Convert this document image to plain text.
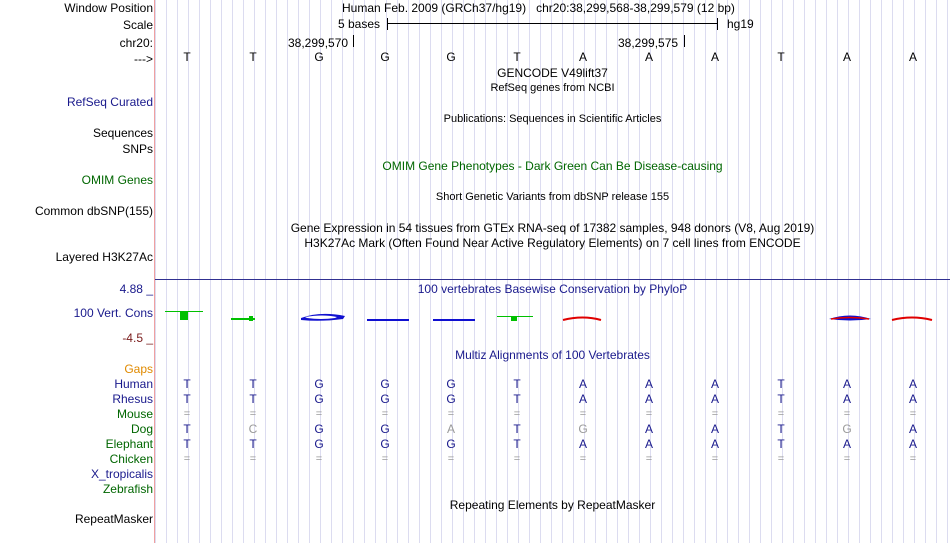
Window Position	Human Feb. 2009 (GRCh37/hg19)   chr20:38,299,568-38,299,579 (12 bp)
Scale	5 bases	hg19
chr20:	38,299,570	38,299,575
--->	T	T	G	G	G	T	A	A	A	T	A	A
GENCODE V49lift37
RefSeq genes from NCBI
RefSeq Curated
Publications: Sequences in Scientific Articles
Sequences
SNPs
OMIM Gene Phenotypes - Dark Green Can Be Disease-causing
OMIM Genes
Short Genetic Variants from dbSNP release 155
Common dbSNP(155)
Gene Expression in 54 tissues from GTEx RNA-seq of 17382 samples, 948 donors (V8, Aug 2019)
H3K27Ac Mark (Often Found Near Active Regulatory Elements) on 7 cell lines from ENCODE
Layered H3K27Ac
100 vertebrates Basewise Conservation by PhyloP
4.88 _
100 Vert. Cons
-4.5 _
Multiz Alignments of 100 Vertebrates
Gaps
Human	T	T	G	G	G	T	A	A	A	T	A	A
Rhesus	T	T	G	G	G	T	A	A	A	T	A	A
Mouse	=	=	=	=	=	=	=	=	=	=	=	=
Dog	T	C	G	G	A	T	G	A	A	T	G	A
Elephant	T	T	G	G	G	T	A	A	A	T	A	A
Chicken	=	=	=	=	=	=	=	=	=	=	=	=
X_tropicalis
Zebrafish
Repeating Elements by RepeatMasker
RepeatMasker
